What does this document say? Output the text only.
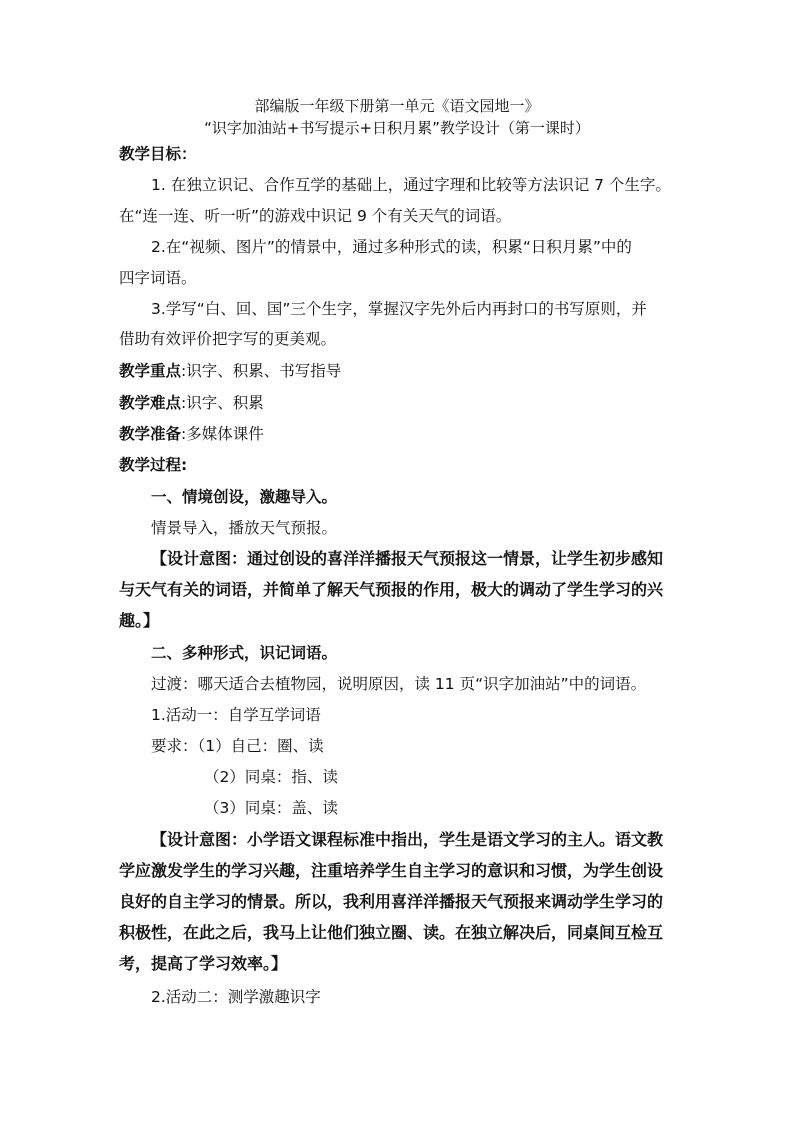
部编版一年级下册第一单元《语文园地一》
“识字加油站+书写提示+日积月累”教学设计（第一课时）
教学目标：
1. 在独立识记、合作互学的基础上，通过字理和比较等方法识记 7 个生字。
在“连一连、听一听”的游戏中识记 9 个有关天气的词语。
2.在“视频、图片”的情景中，通过多种形式的读，积累“日积月累”中的
四字词语。
3.学写“白、回、国”三个生字，掌握汉字先外后内再封口的书写原则，并
借助有效评价把字写的更美观。
教学重点:识字、积累、书写指导
教学难点:识字、积累
教学准备:多媒体课件
教学过程:
一、情境创设，激趣导入。
情景导入，播放天气预报。
【设计意图：通过创设的喜洋洋播报天气预报这一情景，让学生初步感知
与天气有关的词语，并简单了解天气预报的作用，极大的调动了学生学习的兴
趣。】
二、多种形式，识记词语。
过渡：哪天适合去植物园，说明原因，读 11 页“识字加油站”中的词语。
1.活动一：自学互学词语
要求：（1）自己：圈、读
（2）同桌：指、读
（3）同桌：盖、读
【设计意图：小学语文课程标准中指出，学生是语文学习的主人。语文教
学应激发学生的学习兴趣，注重培养学生自主学习的意识和习惯，为学生创设
良好的自主学习的情景。所以，我利用喜洋洋播报天气预报来调动学生学习的
积极性，在此之后，我马上让他们独立圈、读。在独立解决后，同桌间互检互
考，提高了学习效率。】
2.活动二：测学激趣识字
